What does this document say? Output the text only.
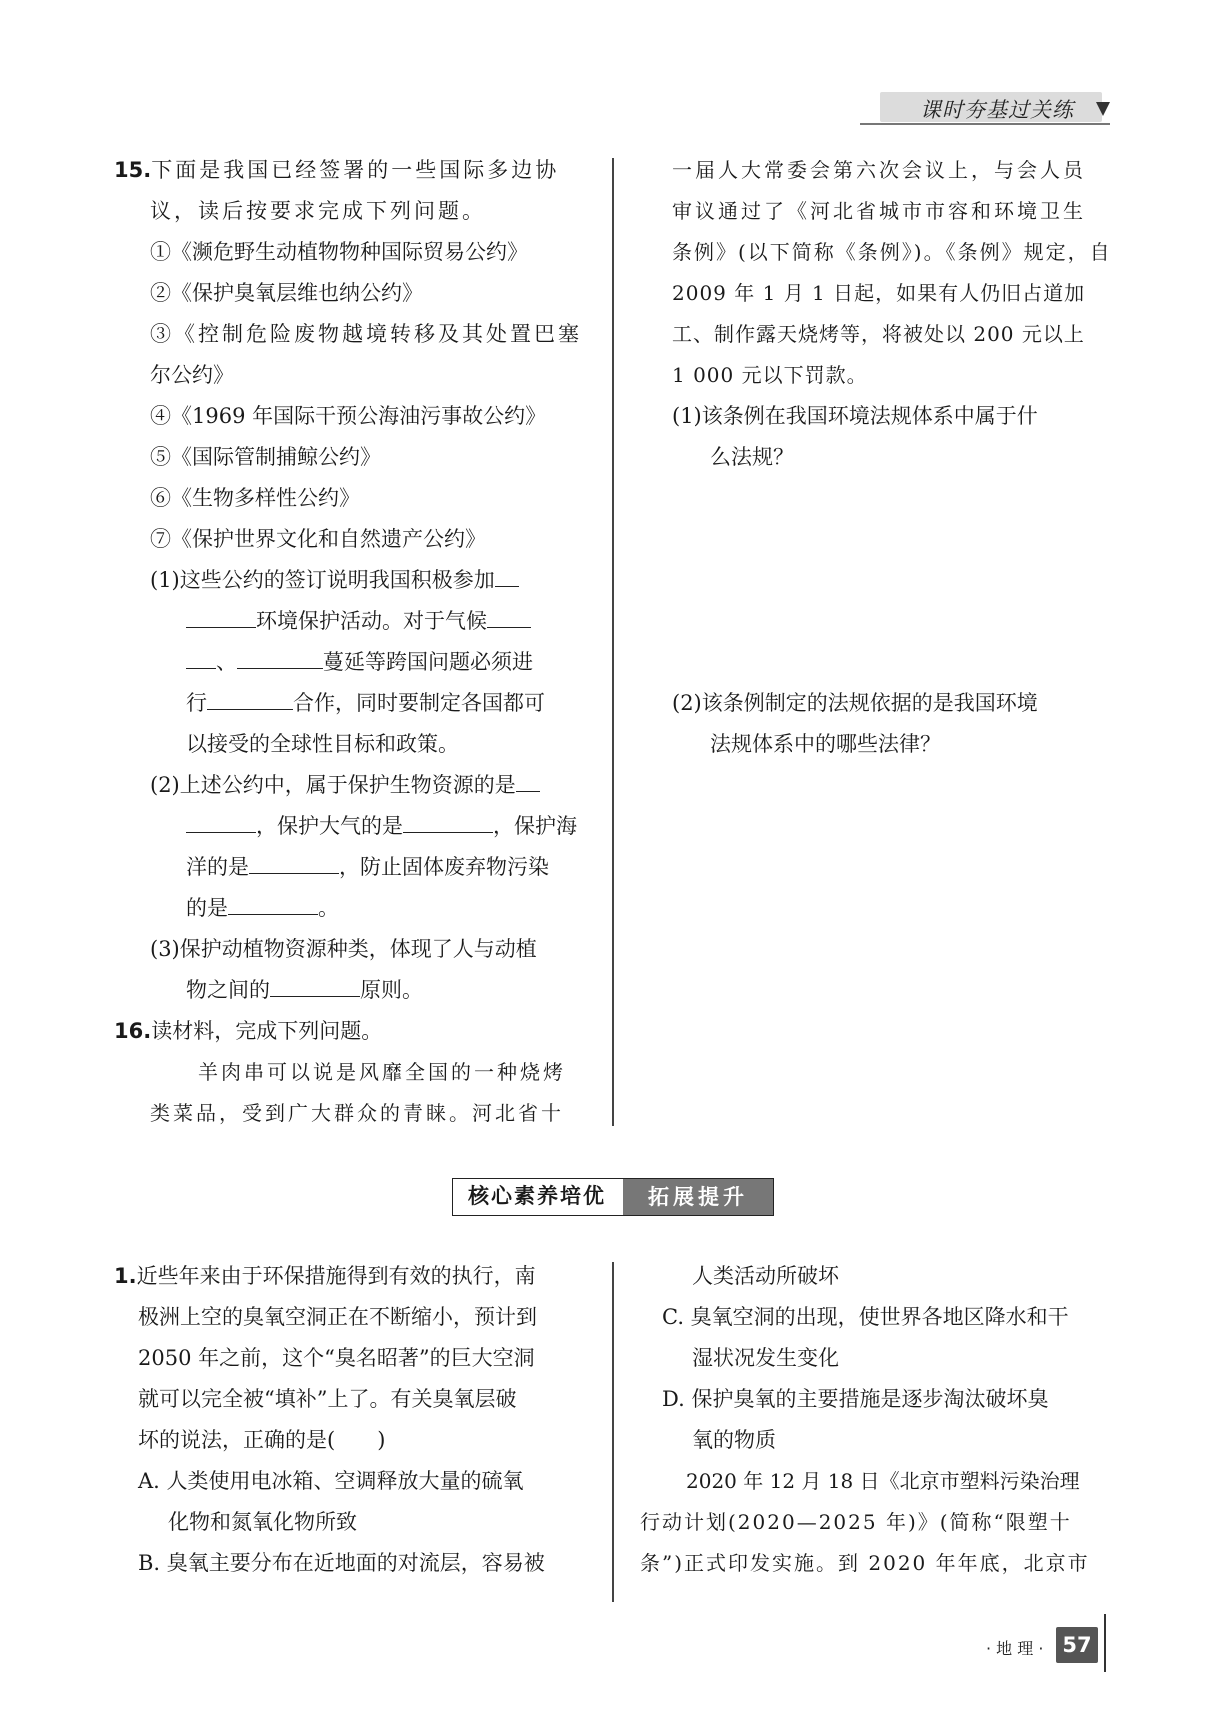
课时夯基过关练
15.下面是我国已经签署的一些国际多边协
议，读后按要求完成下列问题。
①《濒危野生动植物物种国际贸易公约》
②《保护臭氧层维也纳公约》
③《控制危险废物越境转移及其处置巴塞
尔公约》
④《1969 年国际干预公海油污事故公约》
⑤《国际管制捕鲸公约》
⑥《生物多样性公约》
⑦《保护世界文化和自然遗产公约》
(1)这些公约的签订说明我国积极参加
环境保护活动。对于气候
、	蔓延等跨国问题必须进
行	合作，同时要制定各国都可
以接受的全球性目标和政策。
(2)上述公约中，属于保护生物资源的是
，保护大气的是	，保护海
洋的是	，防止固体废弃物污染
的是	。
(3)保护动植物资源种类，体现了人与动植
物之间的	原则。
16.读材料，完成下列问题。
羊肉串可以说是风靡全国的一种烧烤
类菜品，受到广大群众的青睐。河北省十
一届人大常委会第六次会议上，与会人员
审议通过了《河北省城市市容和环境卫生
条例》(以下简称《条例》)。《条例》规定，自
2009 年 1 月 1 日起，如果有人仍旧占道加
工、制作露天烧烤等，将被处以 200 元以上
1 000 元以下罚款。
(1)该条例在我国环境法规体系中属于什
么法规？
(2)该条例制定的法规依据的是我国环境
法规体系中的哪些法律？
核心素养培优	拓展提升
1.近些年来由于环保措施得到有效的执行，南
极洲上空的臭氧空洞正在不断缩小，预计到
2050 年之前，这个“臭名昭著”的巨大空洞
就可以完全被“填补”上了。有关臭氧层破
坏的说法，正确的是(　　)
A. 人类使用电冰箱、空调释放大量的硫氧
化物和氮氧化物所致
B. 臭氧主要分布在近地面的对流层，容易被
人类活动所破坏
C. 臭氧空洞的出现，使世界各地区降水和干
湿状况发生变化
D. 保护臭氧的主要措施是逐步淘汰破坏臭
氧的物质
2020 年 12 月 18 日《北京市塑料污染治理
行动计划(2020—2025 年)》(简称“限塑十
条”)正式印发实施。到 2020 年年底，北京市
· 地 理 · 57
